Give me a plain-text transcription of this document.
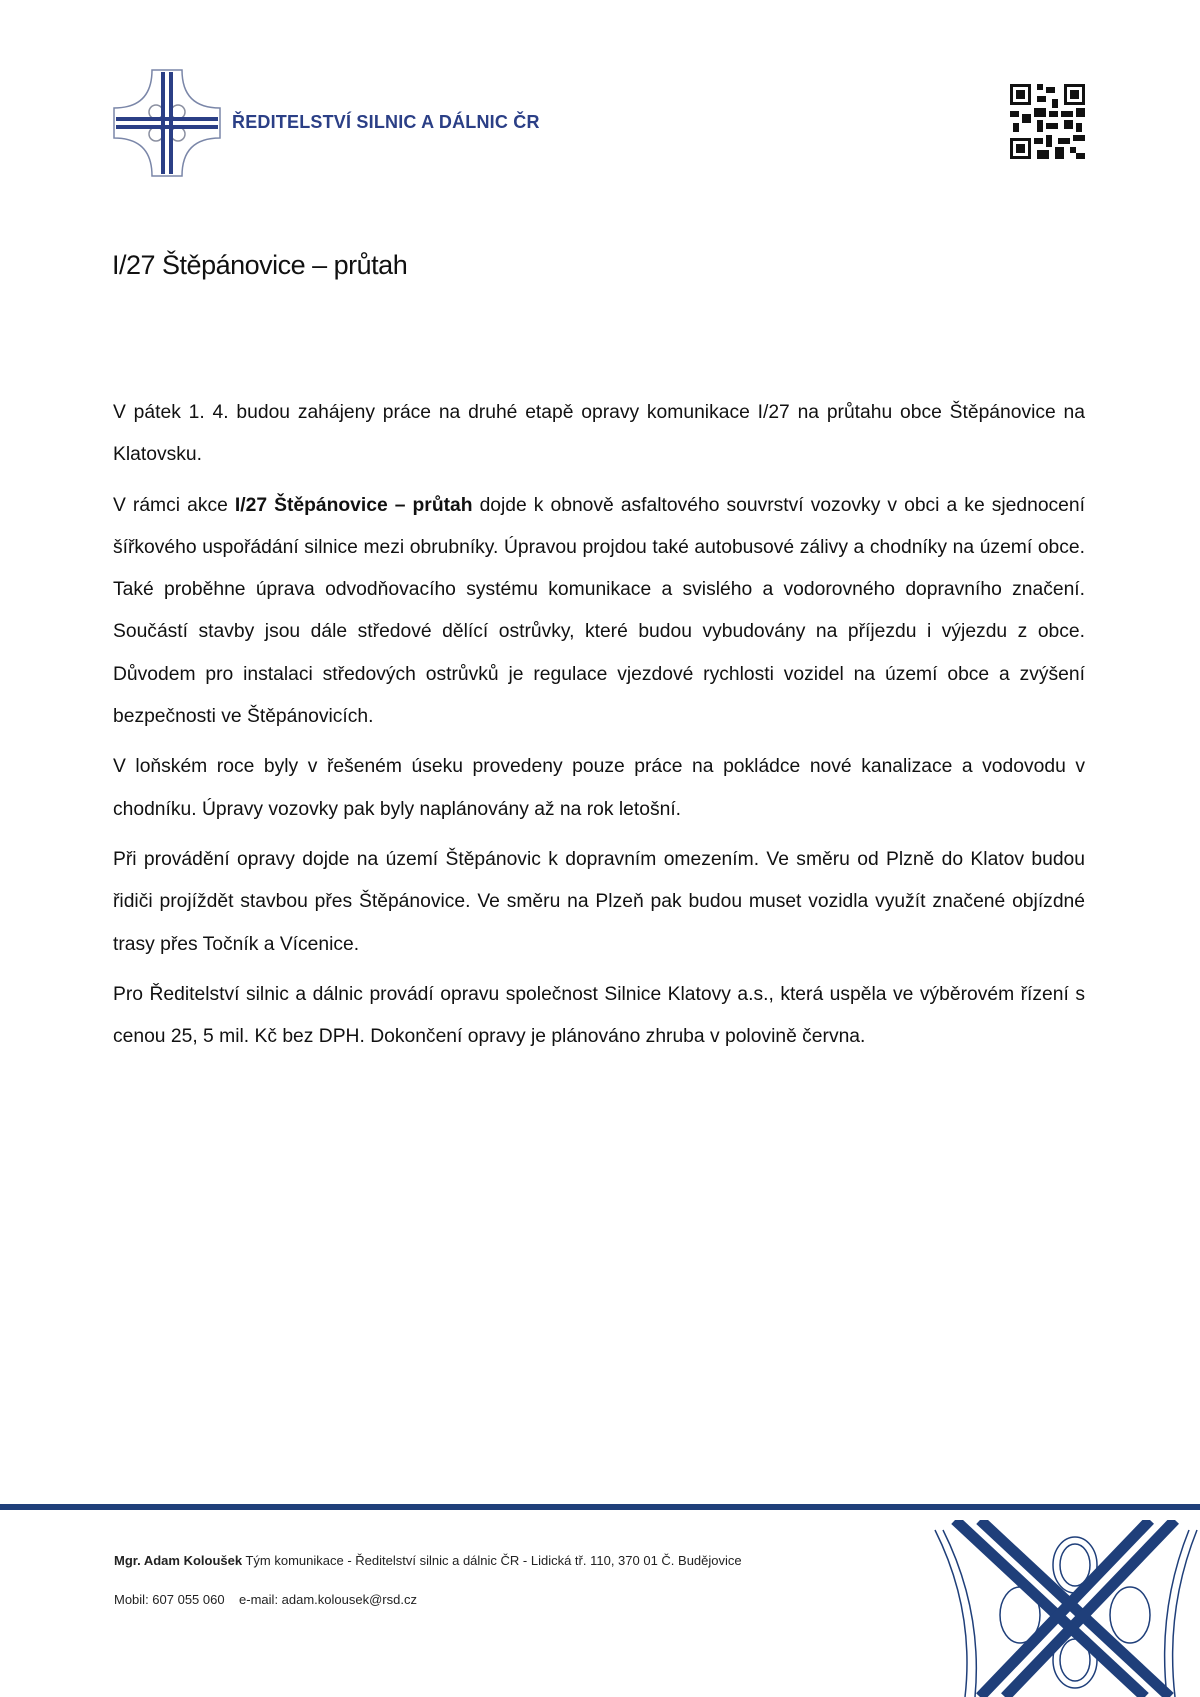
ŘEDITELSTVÍ SILNIC A DÁLNIC ČR
I/27 Štěpánovice – průtah

V pátek 1. 4. budou zahájeny práce na druhé etapě opravy komunikace I/27 na průtahu obce Štěpánovice na Klatovsku.

V rámci akce I/27 Štěpánovice – průtah dojde k obnově asfaltového souvrství vozovky v obci a ke sjednocení šířkového uspořádání silnice mezi obrubníky. Úpravou projdou také autobusové zálivy a chodníky na území obce. Také proběhne úprava odvodňovacího systému komunikace a svislého a vodorovného dopravního značení. Součástí stavby jsou dále středové dělící ostrůvky, které budou vybudovány na příjezdu i výjezdu z obce. Důvodem pro instalaci středových ostrůvků je regulace vjezdové rychlosti vozidel na území obce a zvýšení bezpečnosti ve Štěpánovicích.

V loňském roce byly v řešeném úseku provedeny pouze práce na pokládce nové kanalizace a vodovodu v chodníku. Úpravy vozovky pak byly naplánovány až na rok letošní.

Při provádění opravy dojde na území Štěpánovic k dopravním omezením. Ve směru od Plzně do Klatov budou řidiči projíždět stavbou přes Štěpánovice. Ve směru na Plzeň pak budou muset vozidla využít značené objízdné trasy přes Točník a Vícenice.

Pro Ředitelství silnic a dálnic provádí opravu společnost Silnice Klatovy a.s., která uspěla ve výběrovém řízení s cenou 25, 5 mil. Kč bez DPH. Dokončení opravy je plánováno zhruba v polovině června.

Mgr. Adam Koloušek Tým komunikace - Ředitelství silnic a dálnic ČR - Lidická tř. 110, 370 01 Č. Budějovice
Mobil: 607 055 060 e-mail: adam.kolousek@rsd.cz
